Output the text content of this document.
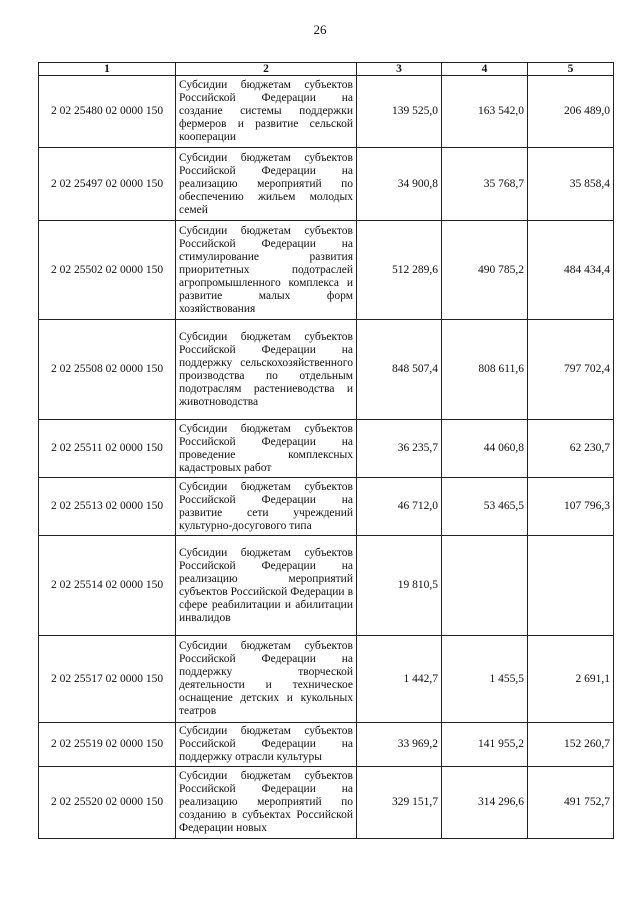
26
1	2	3	4	5
2 02 25480 02 0000 150	Субсидии бюджетам субъектов Российской Федерации на создание системы поддержки фермеров и развитие сельской кооперации	139 525,0	163 542,0	206 489,0
2 02 25497 02 0000 150	Субсидии бюджетам субъектов Российской Федерации на реализацию мероприятий по обеспечению жильем молодых семей	34 900,8	35 768,7	35 858,4
2 02 25502 02 0000 150	Субсидии бюджетам субъектов Российской Федерации на стимулирование развития приоритетных подотраслей агропромышленного комплекса и развитие малых форм хозяйствования	512 289,6	490 785,2	484 434,4
2 02 25508 02 0000 150	Субсидии бюджетам субъектов Российской Федерации на поддержку сельскохозяйственного производства по отдельным подотраслям растениеводства и животноводства	848 507,4	808 611,6	797 702,4
2 02 25511 02 0000 150	Субсидии бюджетам субъектов Российской Федерации на проведение комплексных кадастровых работ	36 235,7	44 060,8	62 230,7
2 02 25513 02 0000 150	Субсидии бюджетам субъектов Российской Федерации на развитие сети учреждений культурно-досугового типа	46 712,0	53 465,5	107 796,3
2 02 25514 02 0000 150	Субсидии бюджетам субъектов Российской Федерации на реализацию мероприятий субъектов Российской Федерации в сфере реабилитации и абилитации инвалидов	19 810,5		
2 02 25517 02 0000 150	Субсидии бюджетам субъектов Российской Федерации на поддержку творческой деятельности и техническое оснащение детских и кукольных театров	1 442,7	1 455,5	2 691,1
2 02 25519 02 0000 150	Субсидии бюджетам субъектов Российской Федерации на поддержку отрасли культуры	33 969,2	141 955,2	152 260,7
2 02 25520 02 0000 150	Субсидии бюджетам субъектов Российской Федерации на реализацию мероприятий по созданию в субъектах Российской Федерации новых	329 151,7	314 296,6	491 752,7
